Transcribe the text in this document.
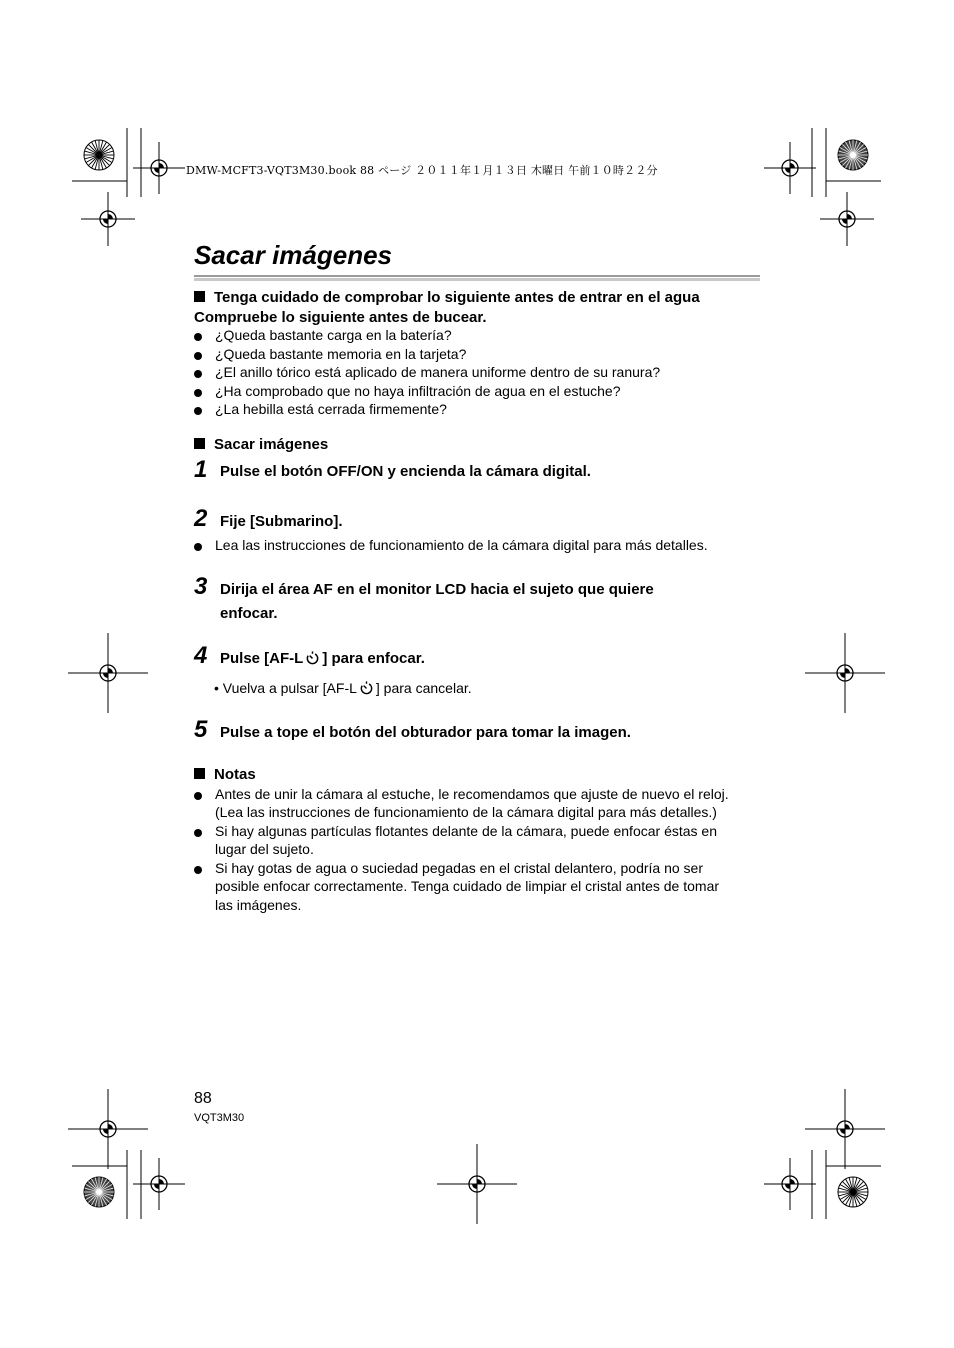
DMW-MCFT3-VQT3M30.book 88 ページ ２０１１年１月１３日 木曜日 午前１０時２２分
Sacar imágenes
Tenga cuidado de comprobar lo siguiente antes de entrar en el agua
Compruebe lo siguiente antes de bucear.
¿Queda bastante carga en la batería?
¿Queda bastante memoria en la tarjeta?
¿El anillo tórico está aplicado de manera uniforme dentro de su ranura?
¿Ha comprobado que no haya infiltración de agua en el estuche?
¿La hebilla está cerrada firmemente?
Sacar imágenes
1 Pulse el botón OFF/ON y encienda la cámara digital.
2 Fije [Submarino].
Lea las instrucciones de funcionamiento de la cámara digital para más detalles.
3 Dirija el área AF en el monitor LCD hacia el sujeto que quiere
enfocar.
4 Pulse [AF-L ] para enfocar.
• Vuelva a pulsar [AF-L ] para cancelar.
5 Pulse a tope el botón del obturador para tomar la imagen.
Notas
Antes de unir la cámara al estuche, le recomendamos que ajuste de nuevo el reloj.
(Lea las instrucciones de funcionamiento de la cámara digital para más detalles.)
Si hay algunas partículas flotantes delante de la cámara, puede enfocar éstas en
lugar del sujeto.
Si hay gotas de agua o suciedad pegadas en el cristal delantero, podría no ser
posible enfocar correctamente. Tenga cuidado de limpiar el cristal antes de tomar
las imágenes.
88
VQT3M30
